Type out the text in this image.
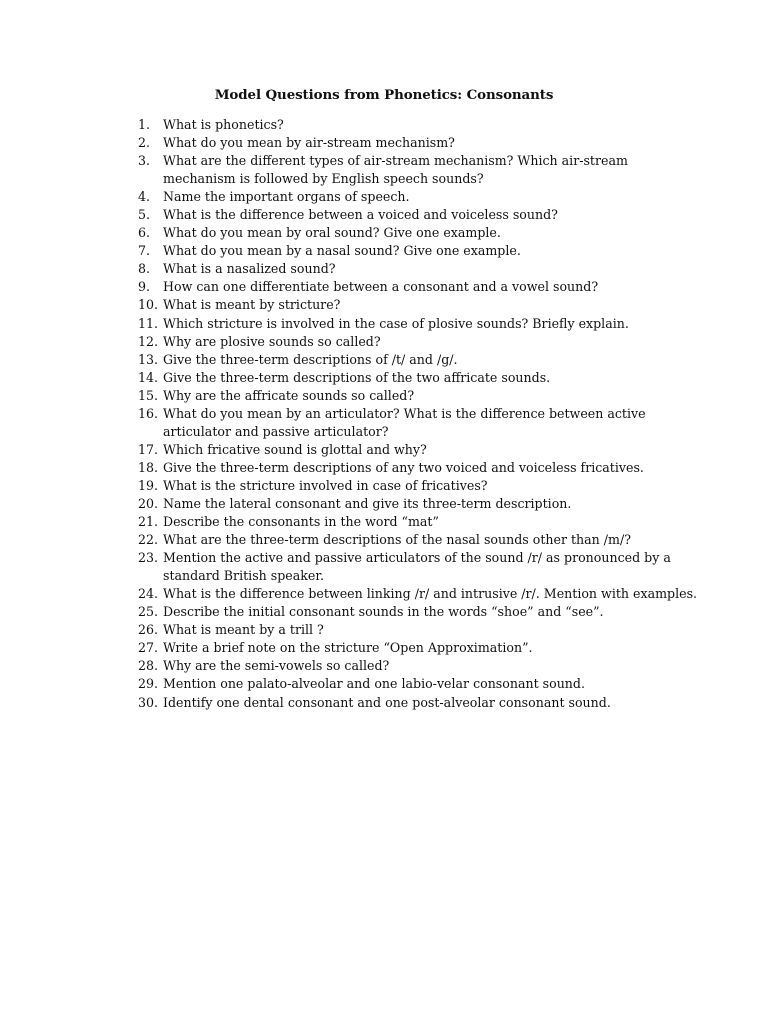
Model Questions from Phonetics: Consonants
1. What is phonetics?
2. What do you mean by air-stream mechanism?
3. What are the different types of air-stream mechanism? Which air-stream mechanism is followed by English speech sounds?
4. Name the important organs of speech.
5. What is the difference between a voiced and voiceless sound?
6. What do you mean by oral sound? Give one example.
7. What do you mean by a nasal sound? Give one example.
8. What is a nasalized sound?
9. How can one differentiate between a consonant and a vowel sound?
10. What is meant by stricture?
11. Which stricture is involved in the case of plosive sounds? Briefly explain.
12. Why are plosive sounds so called?
13. Give the three-term descriptions of /t/ and /g/.
14. Give the three-term descriptions of the two affricate sounds.
15. Why are the affricate sounds so called?
16. What do you mean by an articulator? What is the difference between active articulator and passive articulator?
17. Which fricative sound is glottal and why?
18. Give the three-term descriptions of any two voiced and voiceless fricatives.
19. What is the stricture involved in case of fricatives?
20. Name the lateral consonant and give its three-term description.
21. Describe the consonants in the word “mat”
22. What are the three-term descriptions of the nasal sounds other than /m/?
23. Mention the active and passive articulators of the sound /r/ as pronounced by a standard British speaker.
24. What is the difference between linking /r/ and intrusive /r/. Mention with examples.
25. Describe the initial consonant sounds in the words “shoe” and “see”.
26. What is meant by a trill ?
27. Write a brief note on the stricture “Open Approximation”.
28. Why are the semi-vowels so called?
29. Mention one palato-alveolar and one labio-velar consonant sound.
30. Identify one dental consonant and one post-alveolar consonant sound.
